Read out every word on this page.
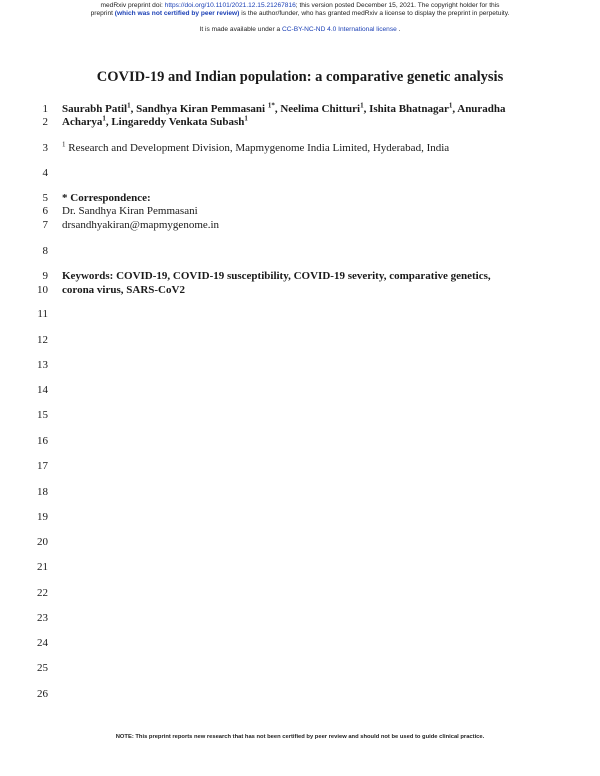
medRxiv preprint doi: https://doi.org/10.1101/2021.12.15.21267816; this version posted December 15, 2021. The copyright holder for this
preprint (which was not certified by peer review) is the author/funder, who has granted medRxiv a license to display the preprint in perpetuity.
It is made available under a CC-BY-NC-ND 4.0 International license .
COVID-19 and Indian population: a comparative genetic analysis
1
2
3
4
5
6
7
8
9
10
11
12
13
14
15
16
17
18
19
20
21
22
23
24
25
26
Saurabh Patil$^1$, Sandhya Kiran Pemmasani $^{1*}$, Neelima Chitturi$^1$, Ishita Bhatnagar$^1$, Anuradha
Acharya$^1$, Lingareddy Venkata Subash$^1$
$^1$ Research and Development Division, Mapmygenome India Limited, Hyderabad, India
* Correspondence:
Dr. Sandhya Kiran Pemmasani
drsandhyakiran@mapmygenome.in
Keywords: COVID-19, COVID-19 susceptibility, COVID-19 severity, comparative genetics,
corona virus, SARS-CoV2
NOTE: This preprint reports new research that has not been certified by peer review and should not be used to guide clinical practice.
